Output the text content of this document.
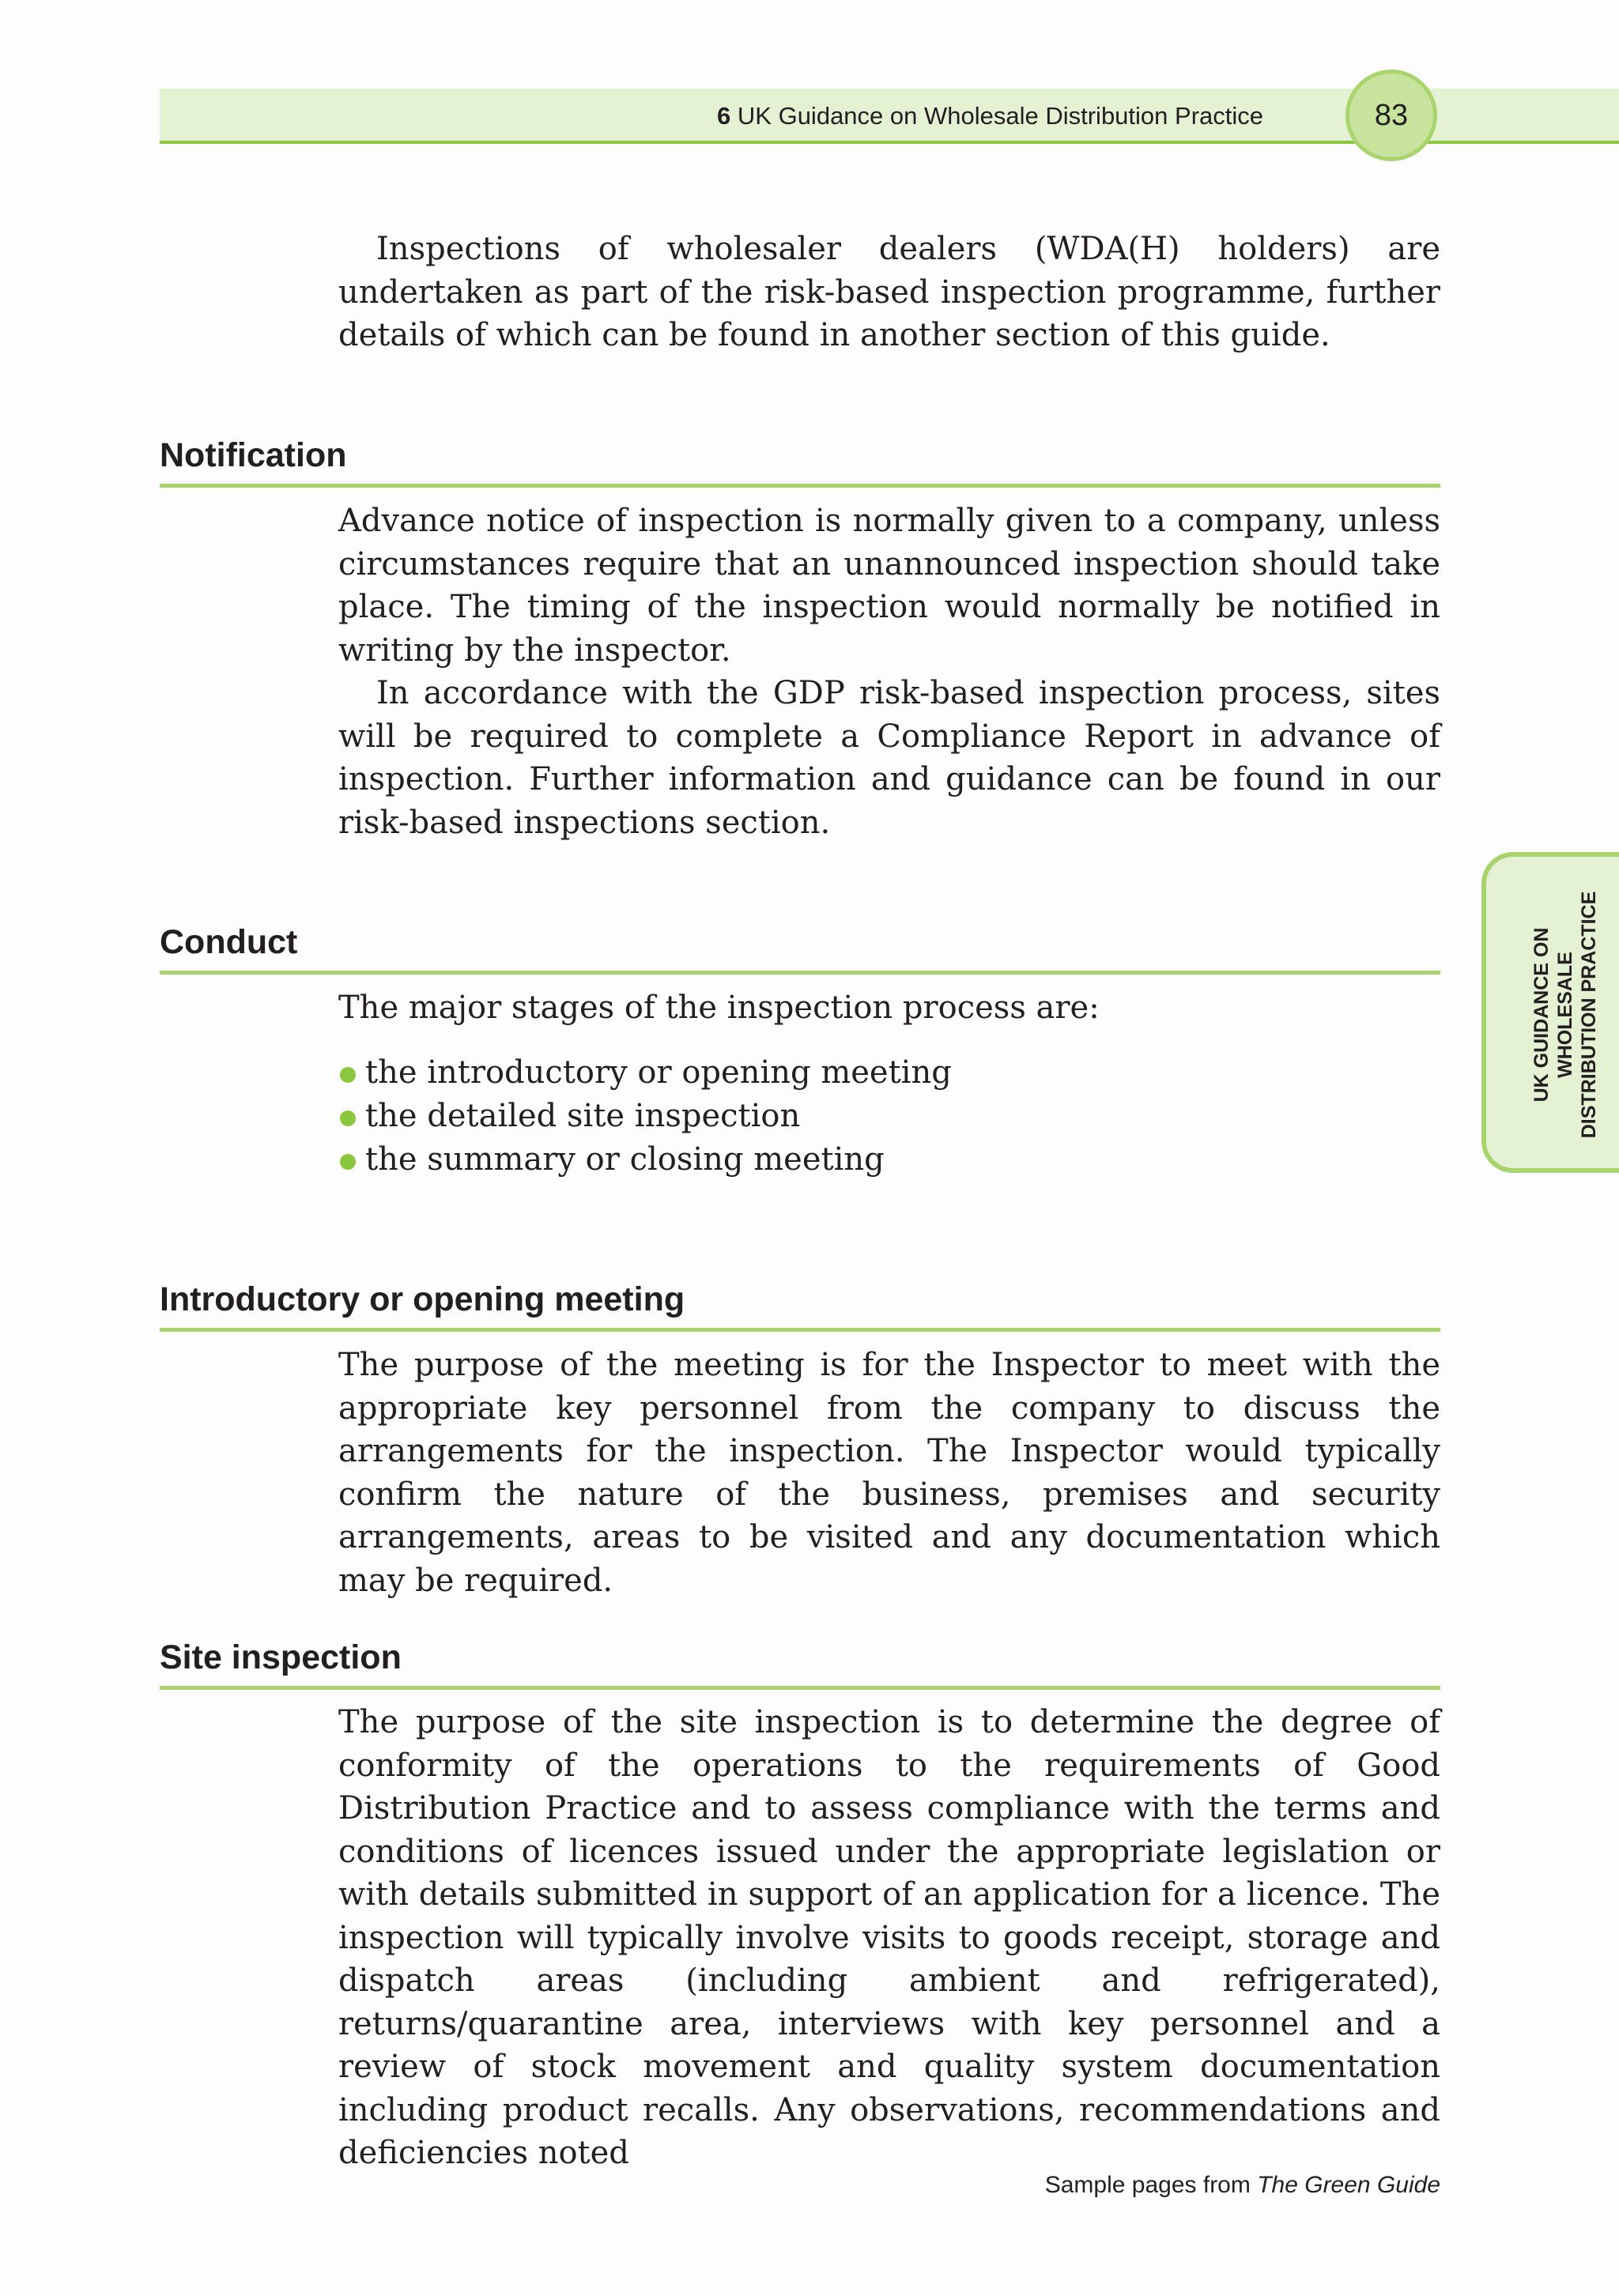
6 UK Guidance on Wholesale Distribution Practice	83
UK GUIDANCE ON
WHOLESALE
DISTRIBUTION PRACTICE

Inspections of wholesaler dealers (WDA(H) holders) are undertaken as part of the risk-based inspection programme, further details of which can be found in another section of this guide.

Notification

Advance notice of inspection is normally given to a company, unless circumstances require that an unannounced inspection should take place. The timing of the inspection would normally be notified in writing by the inspector.

In accordance with the GDP risk-based inspection process, sites will be required to complete a Compliance Report in advance of inspection. Further information and guidance can be found in our risk-based inspections section.

Conduct

The major stages of the inspection process are:

the introductory or opening meeting
the detailed site inspection
the summary or closing meeting
Introductory or opening meeting

The purpose of the meeting is for the Inspector to meet with the appropriate key personnel from the company to discuss the arrangements for the inspection. The Inspector would typically confirm the nature of the business, premises and security arrangements, areas to be visited and any documentation which may be required.

Site inspection

The purpose of the site inspection is to determine the degree of conformity of the operations to the requirements of Good Distribution Practice and to assess compliance with the terms and conditions of licences issued under the appropriate legislation or with details submitted in support of an application for a licence. The inspection will typically involve visits to goods receipt, storage and dispatch areas (including ambient and refrigerated), returns/quarantine area, interviews with key personnel and a review of stock movement and quality system documentation including product recalls. Any observations, recommendations and deficiencies noted

Sample pages from The Green Guide
